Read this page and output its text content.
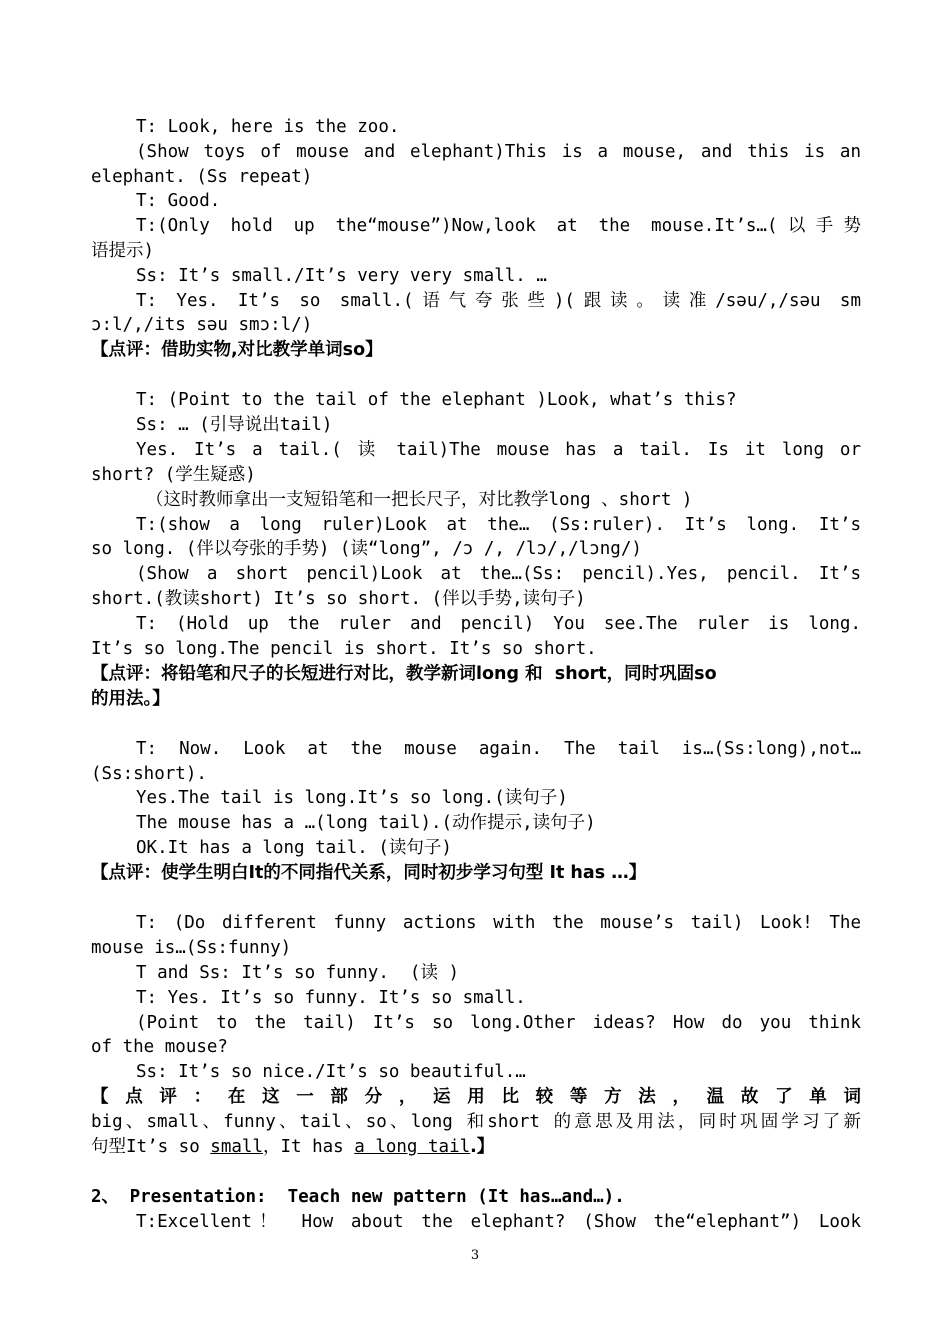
T: Look, here is the zoo.
(Show toys of mouse and elephant)This is a mouse, and this is an
elephant. (Ss repeat)
T: Good.
T:(Only hold up the“mouse”)Now,look at the mouse.It’s…(以手势
语提示)
Ss: It’s small./It’s very very small. …
T: Yes. It’s so small.(语气夸张些)(跟读。读准/səu/,/səu sm
ɔ:l/,/its səu smɔ:l/)
【点评：借助实物,对比教学单词so】
T: (Point to the tail of the elephant )Look, what’s this?
Ss: … (引导说出tail)
Yes. It’s a tail.( 读 tail)The mouse has a tail. Is it long or
short? (学生疑惑)
（这时教师拿出一支短铅笔和一把长尺子，对比教学long 、short )
T:(show a long ruler)Look at the… (Ss:ruler). It’s long. It’s
so long. (伴以夸张的手势) (读“long”, /ɔ /, /lɔ/,/lɔng/)
(Show a short pencil)Look at the…(Ss: pencil).Yes, pencil. It’s
short.(教读short) It’s so short. (伴以手势,读句子)
T: (Hold up the ruler and pencil) You see.The ruler is long.
It’s so long.The pencil is short. It’s so short.
【点评：将铅笔和尺子的长短进行对比，教学新词long 和  short，同时巩固so
的用法。】
T: Now. Look at the mouse again. The tail is…(Ss:long),not…
(Ss:short).
Yes.The tail is long.It’s so long.(读句子)
The mouse has a …(long tail).(动作提示,读句子)
OK.It has a long tail. (读句子)
【点评：使学生明白It的不同指代关系，同时初步学习句型 It has …】
T: (Do different funny actions with the mouse’s tail) Look! The
mouse is…(Ss:funny)
T and Ss: It’s so funny.  (读 )
T: Yes. It’s so funny. It’s so small.
(Point to the tail) It’s so long.Other ideas? How do you think
of the mouse?
Ss: It’s so nice./It’s so beautiful.…
【点评：在这一部分，运用比较等方法，温故了单词
big、small、funny、tail、so、long 和short 的意思及用法，同时巩固学习了新
句型It’s so small，It has a long tail.】
2、 Presentation:  Teach new pattern (It has…and…).
T:Excellent！ How about the elephant? (Show the“elephant”) Look
3
